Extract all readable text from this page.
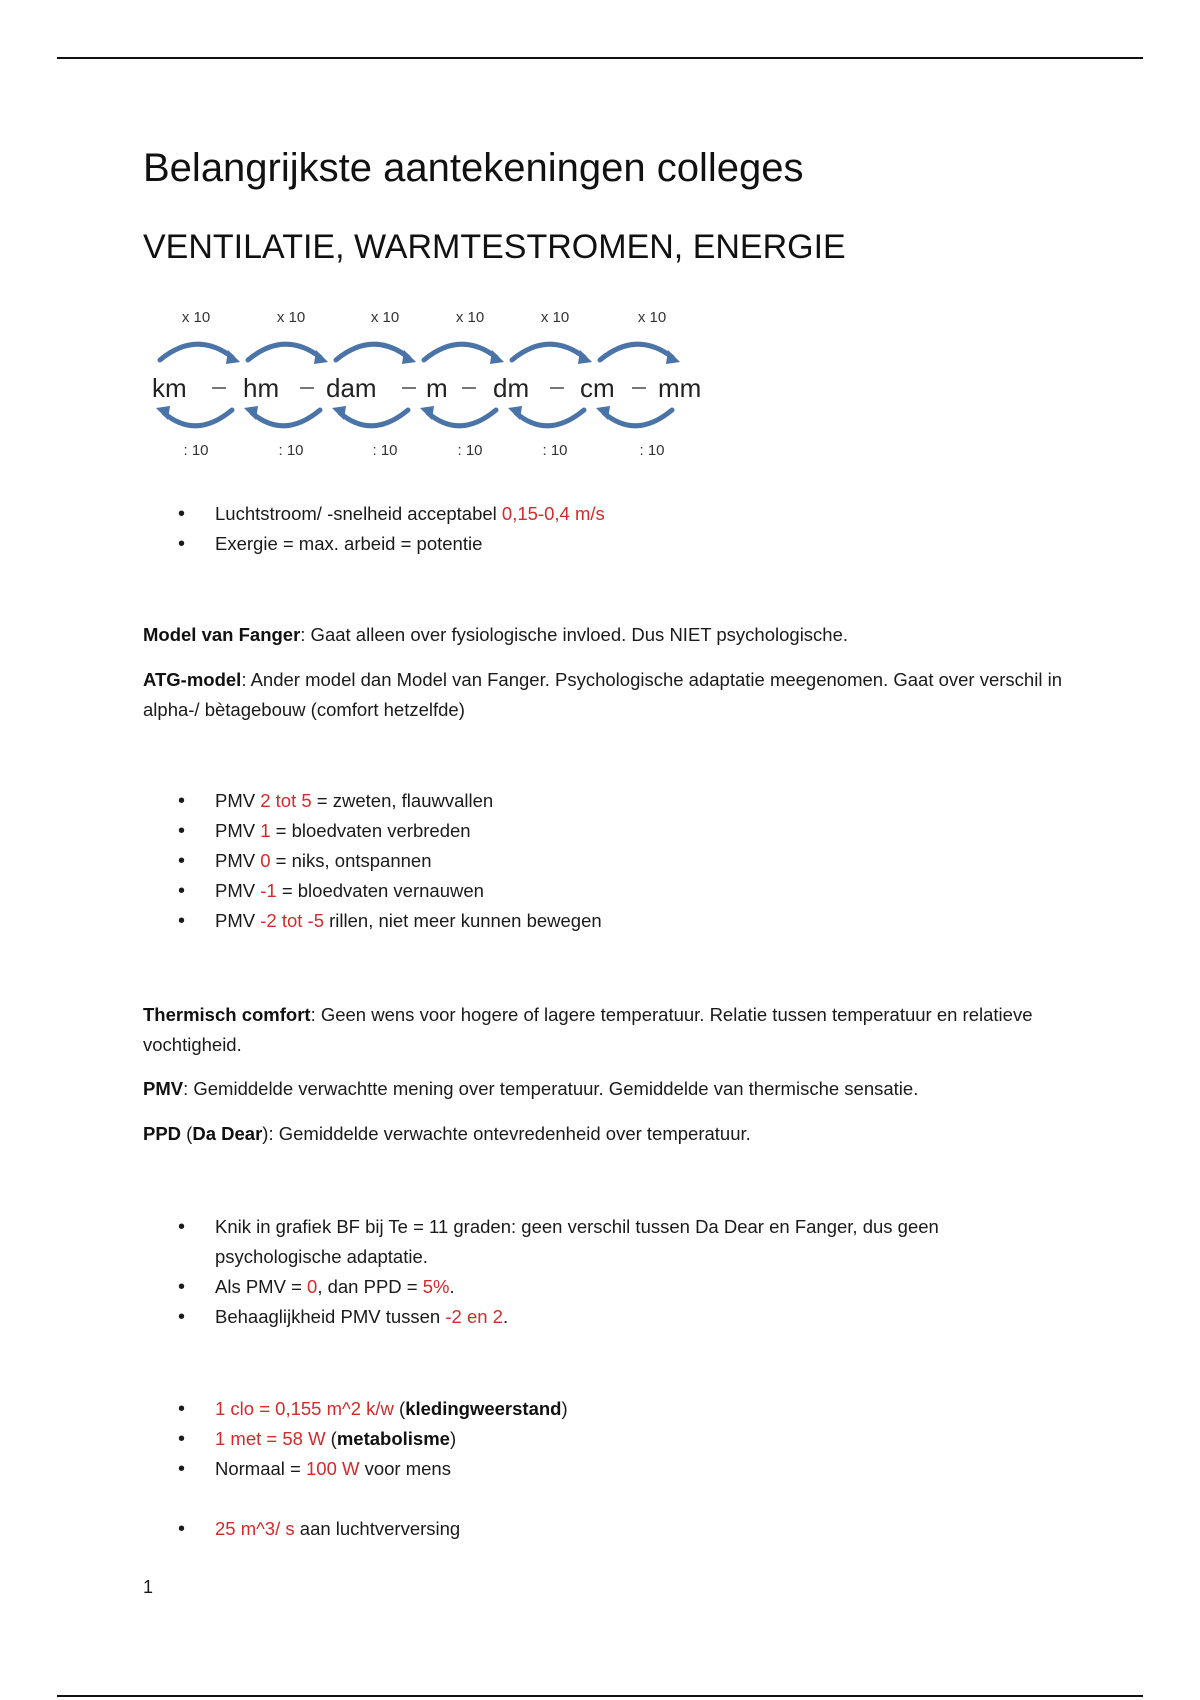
Belangrijkste aantekeningen colleges
VENTILATIE, WARMTESTROMEN, ENERGIE
x 10	x 10	x 10	x 10	x 10	x 10
km hm dam m dm cm mm
: 10	: 10	: 10	: 10	: 10	: 10
• Luchtstroom/ -snelheid acceptabel 0,15-0,4 m/s
• Exergie = max. arbeid = potentie

Model van Fanger: Gaat alleen over fysiologische invloed. Dus NIET psychologische.

ATG-model: Ander model dan Model van Fanger. Psychologische adaptatie meegenomen. Gaat over verschil in alpha-/ bètagebouw (comfort hetzelfde)

• PMV 2 tot 5 = zweten, flauwvallen
• PMV 1 = bloedvaten verbreden
• PMV 0 = niks, ontspannen
• PMV -1 = bloedvaten vernauwen
• PMV -2 tot -5 rillen, niet meer kunnen bewegen

Thermisch comfort: Geen wens voor hogere of lagere temperatuur. Relatie tussen temperatuur en relatieve vochtigheid.

PMV: Gemiddelde verwachtte mening over temperatuur. Gemiddelde van thermische sensatie.

PPD (Da Dear): Gemiddelde verwachte ontevredenheid over temperatuur.

• Knik in grafiek BF bij Te = 11 graden: geen verschil tussen Da Dear en Fanger, dus geen psychologische adaptatie.
• Als PMV = 0, dan PPD = 5%.
• Behaaglijkheid PMV tussen -2 en 2.
• 1 clo = 0,155 m^2 k/w (kledingweerstand)
• 1 met = 58 W (metabolisme)
• Normaal = 100 W voor mens
• 25 m^3/ s aan luchtverversing
1
